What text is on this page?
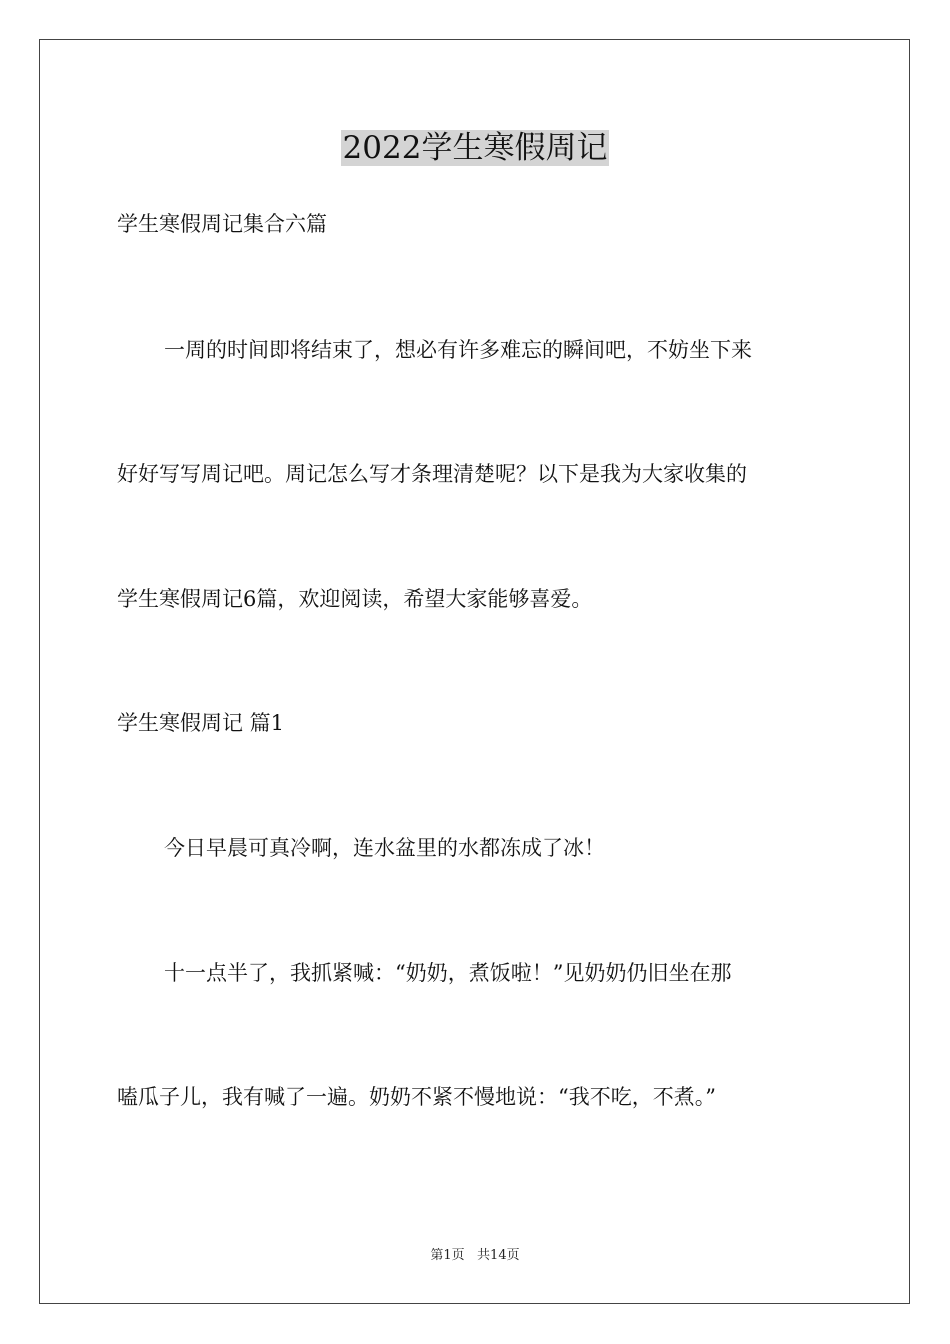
2022学生寒假周记
学生寒假周记集合六篇
一周的时间即将结束了，想必有许多难忘的瞬间吧，不妨坐下来
好好写写周记吧。周记怎么写才条理清楚呢？以下是我为大家收集的
学生寒假周记6篇，欢迎阅读，希望大家能够喜爱。
学生寒假周记 篇1
今日早晨可真冷啊，连水盆里的水都冻成了冰！
十一点半了，我抓紧喊：“奶奶，煮饭啦！”见奶奶仍旧坐在那
嗑瓜子儿，我有喊了一遍。奶奶不紧不慢地说：“我不吃，不煮。”
第1页   共14页
